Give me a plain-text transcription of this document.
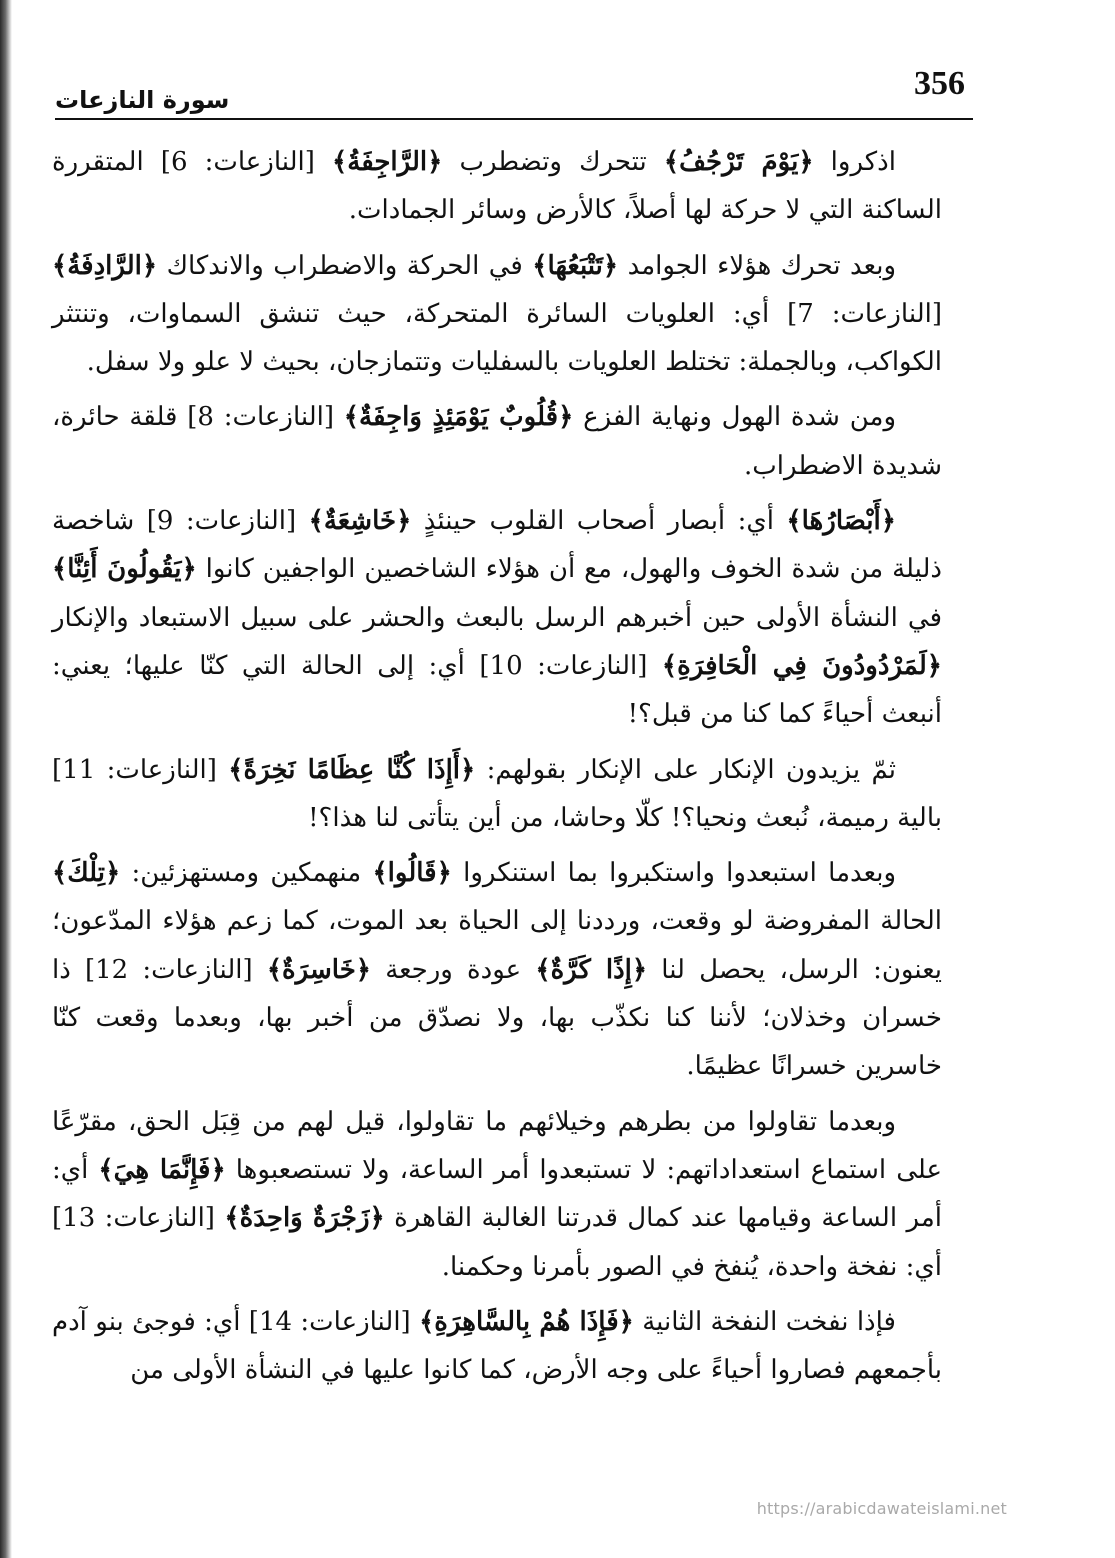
356
سورة النازعات

اذكروا ﴿يَوْمَ تَرْجُفُ﴾ تتحرك وتضطرب ﴿الرَّاجِفَةُ﴾ [النازعات: 6] المتقررة الساكنة التي لا حركة لها أصلاً، كالأرض وسائر الجمادات.

وبعد تحرك هؤلاء الجوامد ﴿تَتْبَعُهَا﴾ في الحركة والاضطراب والاندكاك ﴿الرَّادِفَةُ﴾ [النازعات: 7] أي: العلويات السائرة المتحركة، حيث تنشق السماوات، وتنتثر الكواكب، وبالجملة: تختلط العلويات بالسفليات وتتمازجان، بحيث لا علو ولا سفل.

ومن شدة الهول ونهاية الفزع ﴿قُلُوبٌ يَوْمَئِذٍ وَاجِفَةٌ﴾ [النازعات: 8] قلقة حائرة، شديدة الاضطراب.

﴿أَبْصَارُهَا﴾ أي: أبصار أصحاب القلوب حينئذٍ ﴿خَاشِعَةٌ﴾ [النازعات: 9] شاخصة ذليلة من شدة الخوف والهول، مع أن هؤلاء الشاخصين الواجفين كانوا ﴿يَقُولُونَ أَئِنَّا﴾ في النشأة الأولى حين أخبرهم الرسل بالبعث والحشر على سبيل الاستبعاد والإنكار ﴿لَمَرْدُودُونَ فِي الْحَافِرَةِ﴾ [النازعات: 10] أي: إلى الحالة التي كنّا عليها؛ يعني: أنبعث أحياءً كما كنا من قبل؟!

ثمّ يزيدون الإنكار على الإنكار بقولهم: ﴿أَإِذَا كُنَّا عِظَامًا نَخِرَةً﴾ [النازعات: 11] بالية رميمة، نُبعث ونحيا؟! كلّا وحاشا، من أين يتأتى لنا هذا؟!

وبعدما استبعدوا واستكبروا بما استنكروا ﴿قَالُوا﴾ منهمكين ومستهزئين: ﴿تِلْكَ﴾ الحالة المفروضة لو وقعت، ورددنا إلى الحياة بعد الموت، كما زعم هؤلاء المدّعون؛ يعنون: الرسل، يحصل لنا ﴿إِذًا كَرَّةٌ﴾ عودة ورجعة ﴿خَاسِرَةٌ﴾ [النازعات: 12] ذا خسران وخذلان؛ لأننا كنا نكذّب بها، ولا نصدّق من أخبر بها، وبعدما وقعت كنّا خاسرين خسرانًا عظيمًا.

وبعدما تقاولوا من بطرهم وخيلائهم ما تقاولوا، قيل لهم من قِبَل الحق، مقرّعًا على استماع استعداداتهم: لا تستبعدوا أمر الساعة، ولا تستصعبوها ﴿فَإِنَّمَا هِيَ﴾ أي: أمر الساعة وقيامها عند كمال قدرتنا الغالبة القاهرة ﴿زَجْرَةٌ وَاحِدَةٌ﴾ [النازعات: 13] أي: نفخة واحدة، يُنفخ في الصور بأمرنا وحكمنا.

فإذا نفخت النفخة الثانية ﴿فَإِذَا هُمْ بِالسَّاهِرَةِ﴾ [النازعات: 14] أي: فوجئ بنو آدم بأجمعهم فصاروا أحياءً على وجه الأرض، كما كانوا عليها في النشأة الأولى من

https://arabicdawateislami.net
